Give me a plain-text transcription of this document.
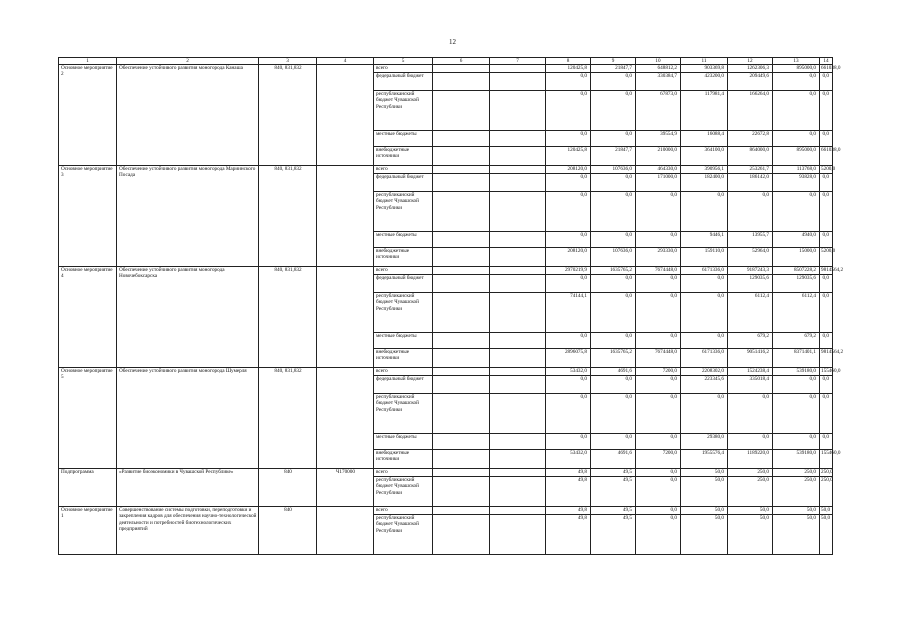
12
1	2	3	4	5	6	7	8	9	10	11	12	13	14
Основное мероприятие 2	Обеспечение устойчивого развития моногорода Канаша	840, 831,832		всего			120425,8	21847,7	648812,2	903369,8	1262306,3	895000,0	661038,0
				федеральный бюджет			0,0	0,0	330384,7	423200,0	209449,6	0,0	0,0
				республиканский бюджет Чувашской Республики			0,0	0,0	67873,0	117981,4	166264,0	0,0	0,0
				местные бюджеты			0,0	0,0	39554,9	16088,4	22672,8	0,0	0,0
				внебюджетные источники			120425,8	21847,7	210000,0	364100,0	864000,0	895000,0	661038,0
Основное мероприятие 3	Обеспечение устойчивого развития моногорода Мариинского Посада	840, 831,832		всего			208120,0	107636,0	464330,0	390956,1	253261,7	113768,0	5200,0
				федеральный бюджет			0,0	0,0	171000,0	182400,0	186142,0	93828,0	0,0
				республиканский бюджет Чувашской Республики			0,0	0,0	0,0	0,0	0,0	0,0	0,0
				местные бюджеты			0,0	0,0	0,0	9446,1	13955,7	4940,0	0,0
				внебюджетные источники			208120,0	107636,0	293330,0	159110,0	52964,0	15000,0	5200,0
Основное мероприятие 4	Обеспечение устойчивого развития моногорода Новочебоксарска	840, 831,832		всего			2970219,9	1635765,2	7674448,0	6171336,0	9187243,3	8507228,2	9814564,2
				федеральный бюджет			0,0	0,0	0,0	0,0	129035,6	129035,6	0,0
				республиканский бюджет Чувашской Республики			74144,1	0,0	0,0	0,0	6112,4	6112,4	0,0
				местные бюджеты			0,0	0,0	0,0	0,0	679,2	679,2	0,0
				внебюджетные источники			2896075,8	1635765,2	7674448,0	6171336,0	9051416,2	8371401,1	9814564,2
Основное мероприятие 5	Обеспечение устойчивого развития моногорода Шумерля	840, 831,832		всего			53432,0	4691,6	7200,0	2208302,0	1524238,4	539180,0	155460,0
				федеральный бюджет			0,0	0,0	0,0	223345,6	335018,4	0,0	0,0
				республиканский бюджет Чувашской Республики			0,0	0,0	0,0	0,0	0,0	0,0	0,0
				местные бюджеты			0,0	0,0	0,0	29380,0	0,0	0,0	0,0
				внебюджетные источники			53432,0	4691,6	7200,0	1955576,4	1189220,0	539180,0	155460,0
Подпрограмма	«Развитие биоэкономики в Чувашской Республике»	840	Ч170000	всего			49,8	49,5	0,0	50,0	250,0	250,0	250,0
				республиканский бюджет Чувашской Республики			49,8	49,5	0,0	50,0	250,0	250,0	250,0
Основное мероприятие 1	Совершенствование системы подготовки, переподготовки и закрепления кадров для обеспечения научно-технологической деятельности и потребностей биотехнологических предприятий	840		всего			49,8	49,5	0,0	50,0	50,0	50,0	50,0
				республиканский бюджет Чувашской Республики			49,8	49,5	0,0	50,0	50,0	50,0	50,0
